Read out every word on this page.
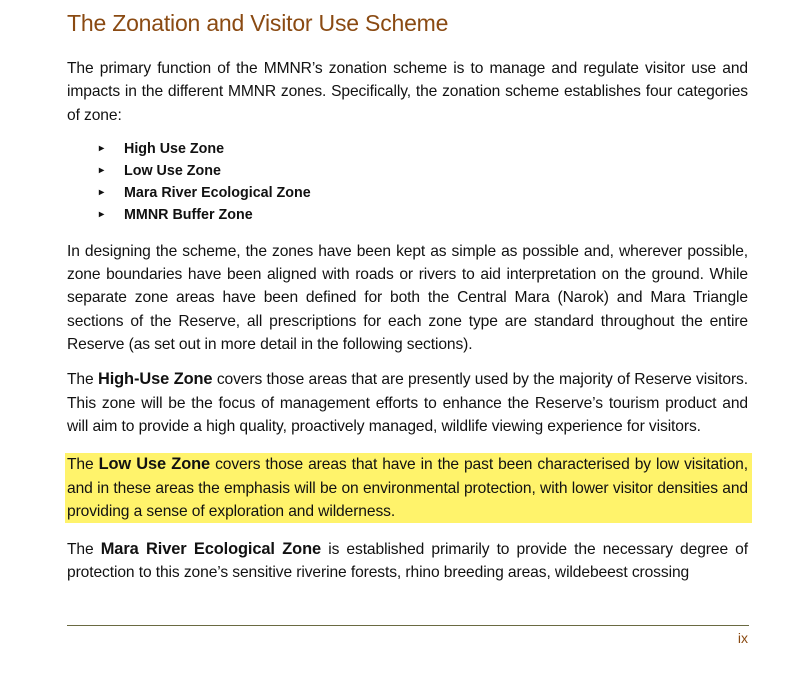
The Zonation and Visitor Use Scheme

The primary function of the MMNR’s zonation scheme is to manage and regulate visitor use and impacts in the different MMNR zones. Specifically, the zonation scheme establishes four categories of zone:

▸ High Use Zone
▸ Low Use Zone
▸ Mara River Ecological Zone
▸ MMNR Buffer Zone

In designing the scheme, the zones have been kept as simple as possible and, wherever possible, zone boundaries have been aligned with roads or rivers to aid interpretation on the ground. While separate zone areas have been defined for both the Central Mara (Narok) and Mara Triangle sections of the Reserve, all prescriptions for each zone type are standard throughout the entire Reserve (as set out in more detail in the following sections).

The High-Use Zone covers those areas that are presently used by the majority of Reserve visitors. This zone will be the focus of management efforts to enhance the Reserve’s tourism product and will aim to provide a high quality, proactively managed, wildlife viewing experience for visitors.

The Low Use Zone covers those areas that have in the past been characterised by low visitation, and in these areas the emphasis will be on environmental protection, with lower visitor densities and providing a sense of exploration and wilderness.

The Mara River Ecological Zone is established primarily to provide the necessary degree of protection to this zone’s sensitive riverine forests, rhino breeding areas, wildebeest crossing

ix
